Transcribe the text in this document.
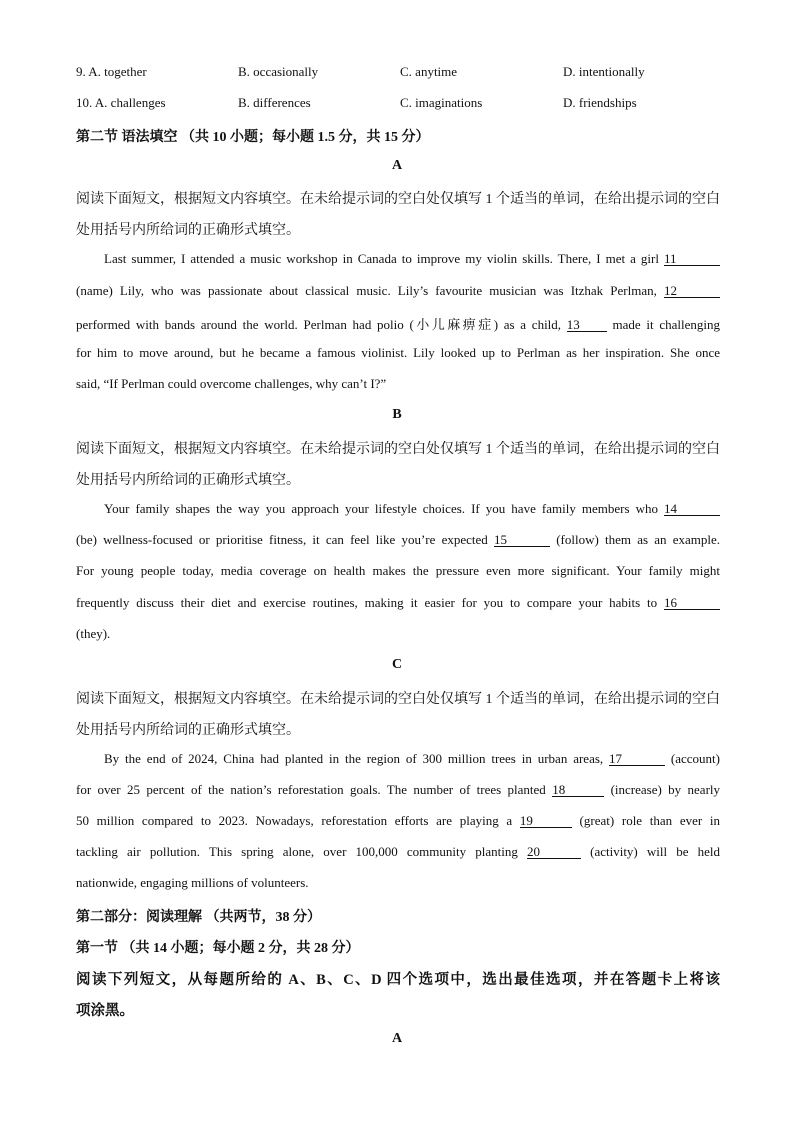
9. A. together	B. occasionally	C. anytime	D. intentionally
10. A. challenges	B. differences	C. imaginations	D. friendships
第二节 语法填空 （共 10 小题；每小题 1.5 分，共 15 分）
A
阅读下面短文，根据短文内容填空。在未给提示词的空白处仅填写 1 个适当的单词，在给出提示词的空白
处用括号内所给词的正确形式填空。
Last summer, I attended a music workshop in Canada to improve my violin skills. There, I met a girl 11
(name) Lily, who was passionate about classical music. Lily’s favourite musician was Itzhak Perlman, 12
performed with bands around the world. Perlman had polio (小儿麻痹症) as a child, 13	made it challenging
for him to move around, but he became a famous violinist. Lily looked up to Perlman as her inspiration. She once
said, “If Perlman could overcome challenges, why can’t I?”
B
阅读下面短文，根据短文内容填空。在未给提示词的空白处仅填写 1 个适当的单词，在给出提示词的空白
处用括号内所给词的正确形式填空。
Your family shapes the way you approach your lifestyle choices. If you have family members who 14
(be) wellness-focused or prioritise fitness, it can feel like you’re expected 15	(follow) them as an example.
For young people today, media coverage on health makes the pressure even more significant. Your family might
frequently discuss their diet and exercise routines, making it easier for you to compare your habits to 16
(they).
C
阅读下面短文，根据短文内容填空。在未给提示词的空白处仅填写 1 个适当的单词，在给出提示词的空白
处用括号内所给词的正确形式填空。
By the end of 2024, China had planted in the region of 300 million trees in urban areas, 17	(account)
for over 25 percent of the nation’s reforestation goals. The number of trees planted 18	(increase) by nearly
50 million compared to 2023. Nowadays, reforestation efforts are playing a 19	(great) role than ever in
tackling air pollution. This spring alone, over 100,000 community planting 20	(activity) will be held
nationwide, engaging millions of volunteers.
第二部分：阅读理解 （共两节，38 分）
第一节 （共 14 小题；每小题 2 分，共 28 分）
阅读下列短文，从每题所给的 A、B、C、D 四个选项中，选出最佳选项，并在答题卡上将该
项涂黑。
A
